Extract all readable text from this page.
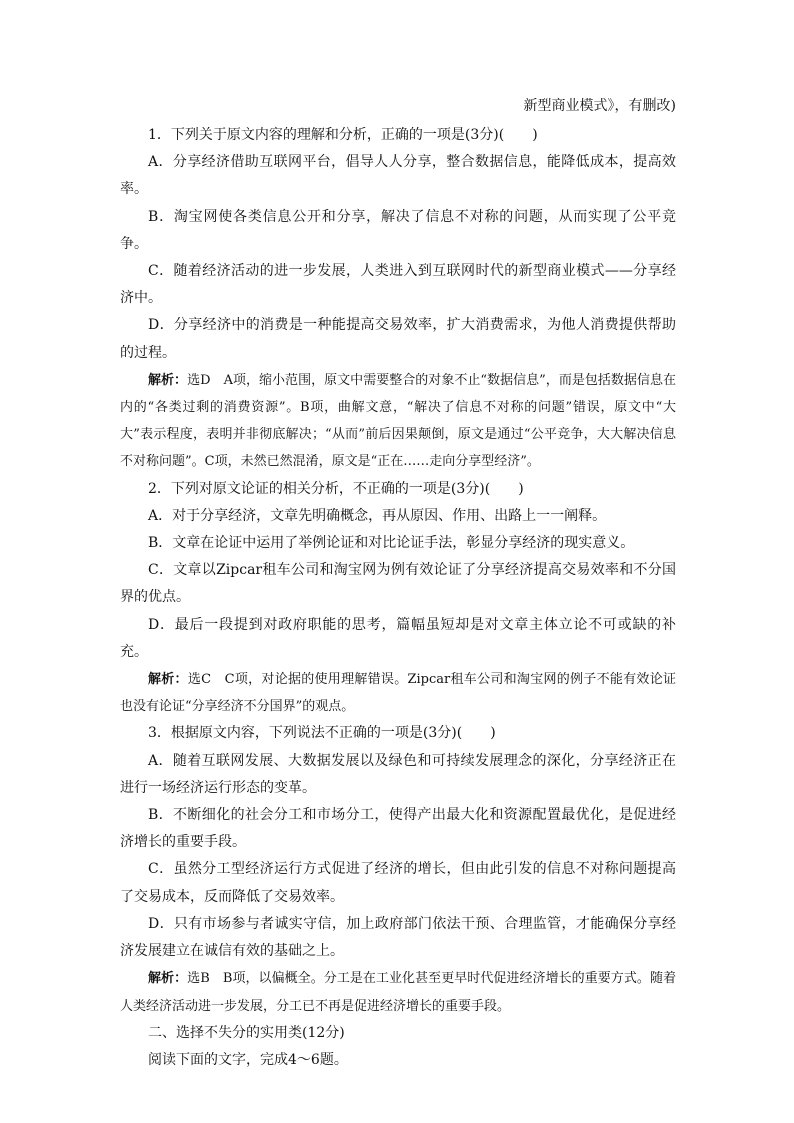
新型商业模式》，有删改)

1．下列关于原文内容的理解和分析，正确的一项是(3分)(　　)

A．分享经济借助互联网平台，倡导人人分享，整合数据信息，能降低成本，提高效率。

B．淘宝网使各类信息公开和分享，解决了信息不对称的问题，从而实现了公平竞争。

C．随着经济活动的进一步发展，人类进入到互联网时代的新型商业模式——分享经济中。

D．分享经济中的消费是一种能提高交易效率，扩大消费需求，为他人消费提供帮助的过程。

解析：选D　A项，缩小范围，原文中需要整合的对象不止“数据信息”，而是包括数据信息在内的“各类过剩的消费资源”。B项，曲解文意，“解决了信息不对称的问题”错误，原文中“大大”表示程度，表明并非彻底解决；“从而”前后因果颠倒，原文是通过“公平竞争，大大解决信息不对称问题”。C项，未然已然混淆，原文是“正在……走向分享型经济”。

2．下列对原文论证的相关分析，不正确的一项是(3分)(　　)

A．对于分享经济，文章先明确概念，再从原因、作用、出路上一一阐释。

B．文章在论证中运用了举例论证和对比论证手法，彰显分享经济的现实意义。

C．文章以Zipcar租车公司和淘宝网为例有效论证了分享经济提高交易效率和不分国界的优点。

D．最后一段提到对政府职能的思考，篇幅虽短却是对文章主体立论不可或缺的补充。

解析：选C　C项，对论据的使用理解错误。Zipcar租车公司和淘宝网的例子不能有效论证也没有论证“分享经济不分国界”的观点。

3．根据原文内容，下列说法不正确的一项是(3分)(　　)

A．随着互联网发展、大数据发展以及绿色和可持续发展理念的深化，分享经济正在进行一场经济运行形态的变革。

B．不断细化的社会分工和市场分工，使得产出最大化和资源配置最优化，是促进经济增长的重要手段。

C．虽然分工型经济运行方式促进了经济的增长，但由此引发的信息不对称问题提高了交易成本，反而降低了交易效率。

D．只有市场参与者诚实守信，加上政府部门依法干预、合理监管，才能确保分享经济发展建立在诚信有效的基础之上。

解析：选B　B项，以偏概全。分工是在工业化甚至更早时代促进经济增长的重要方式。随着人类经济活动进一步发展，分工已不再是促进经济增长的重要手段。

二、选择不失分的实用类(12分)

阅读下面的文字，完成4～6题。
